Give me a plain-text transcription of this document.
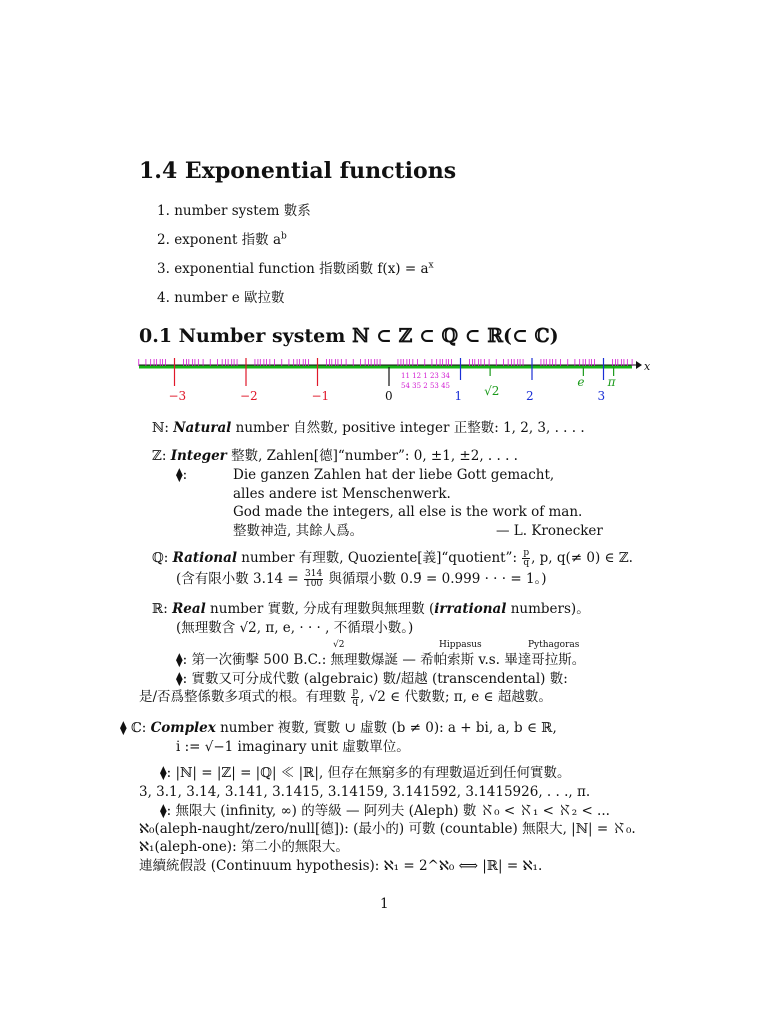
1.4 Exponential functions
1. number system 數系
2. exponent 指數 $a^b$
3. exponential function 指數函數 $f(x) = a^x$
4. number e 歐拉數
0.1 Number system ℕ ⊂ ℤ ⊂ ℚ ⊂ ℝ(⊂ ℂ)
x
−3	−2	−1	0	1 √2 2
e
3
π
11 12 1 23 34
54 35 2 53 45
ℕ: Natural number 自然數, positive integer 正整數: 1, 2, 3, . . . .
ℤ: Integer 整數, Zahlen[德]“number”: 0, ±1, ±2, . . . .
⧫:	Die ganzen Zahlen hat der liebe Gott gemacht,
alles andere ist Menschenwerk.
God made the integers, all else is the work of man.
整數神造, 其餘人爲。	— L. Kronecker
ℚ: Rational number 有理數, Quoziente[義]“quotient”: $\frac{p}{q}$ , p, q(≠ 0) ∈ ℤ.
(含有限小數 $3.14 = \frac{314}{100}$ 與循環小數 0.9̄ = 0.999 · · · = 1。)
ℝ: Real number 實數, 分成有理數與無理數 (irrational numbers)。
(無理數含 √2, π, e, · · · , 不循環小數。)
√2	Hippasus	Pythagoras
⧫: 第一次衝擊 500 B.C.: 無理數爆誕 — 希帕索斯 v.s. 畢達哥拉斯。
⧫: 實數又可分成代數 (algebraic) 數/超越 (transcendental) 數:
是/否爲整係數多項式的根。有理數 $\frac{p}{q}$ , √2 ∈ 代數數; π, e ∈ 超越數。
⧫ ℂ: Complex number 複數, 實數 ∪ 虛數 (b ≠ 0): a + bi, a, b ∈ ℝ,
i := √−1 imaginary unit 虛數單位。
⧫: |ℕ| = |ℤ| = |ℚ| ≪ |ℝ|, 但存在無窮多的有理數逼近到任何實數。
3, 3.1, 3.14, 3.141, 3.1415, 3.14159, 3.141592, 3.1415926, . . ., π.
⧫: 無限大 (infinity, ∞) 的等級 — 阿列夫 (Aleph) 數 ℵ₀ < ℵ₁ < ℵ₂ < ...
ℵ₀(aleph-naught/zero/null[德]): (最小的) 可數 (countable) 無限大, |ℕ| = ℵ₀.
ℵ₁(aleph-one): 第二小的無限大。
連續統假設 (Continuum hypothesis): ℵ₁ = 2^ℵ₀ ⟺ |ℝ| = ℵ₁.
1
